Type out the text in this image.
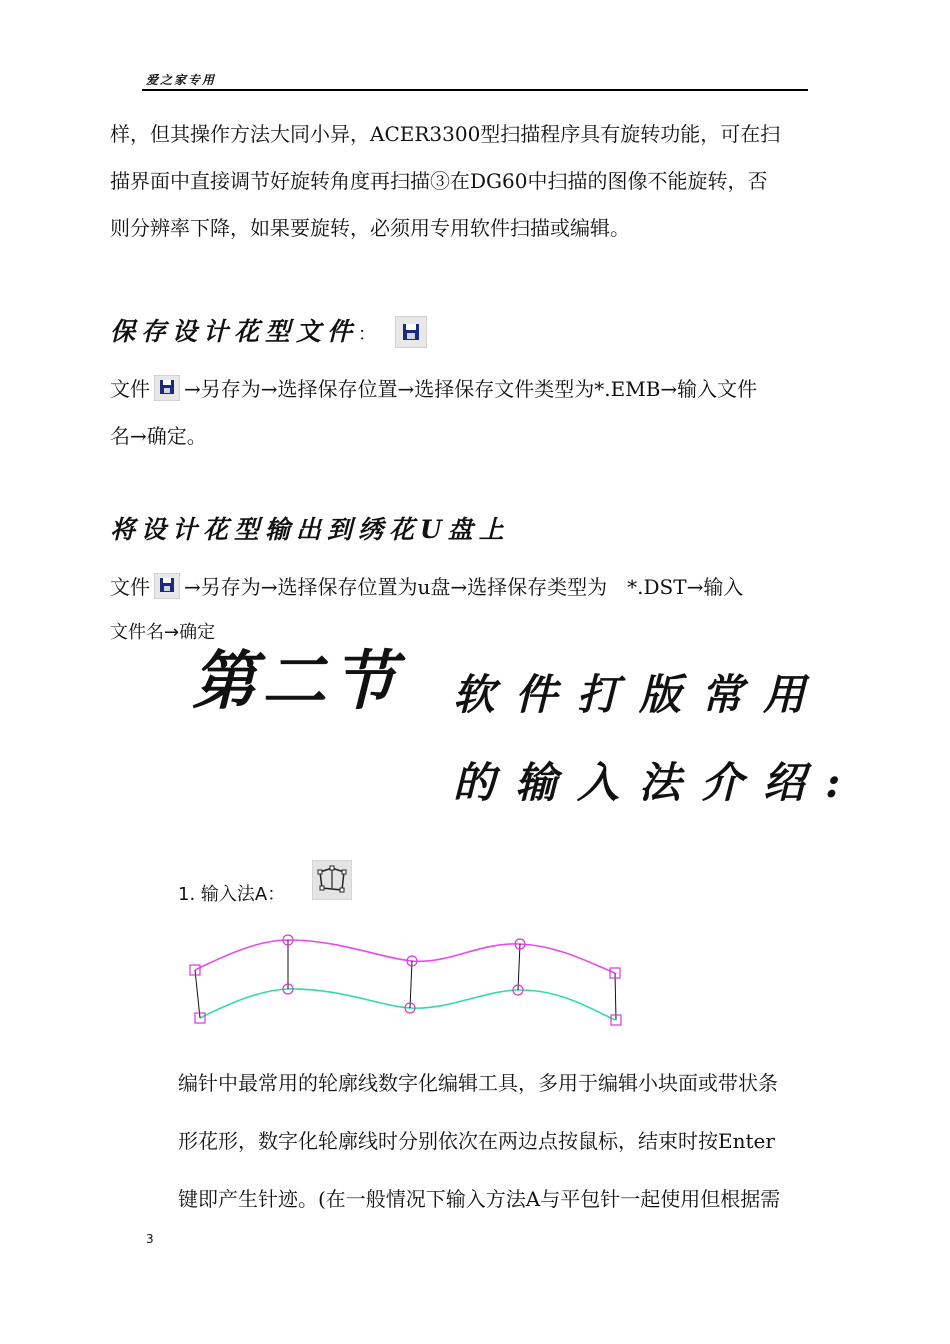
爱之家专用
样，但其操作方法大同小异，ACER3300型扫描程序具有旋转功能，可在扫
描界面中直接调节好旋转角度再扫描③在DG60中扫描的图像不能旋转，否
则分辨率下降，如果要旋转，必须用专用软件扫描或编辑。
保存设计花型文件：
文件 →另存为→选择保存位置→选择保存文件类型为*.EMB→输入文件
名→确定。
将设计花型输出到绣花U盘上
文件 →另存为→选择保存位置为u盘→选择保存类型为　*.DST→输入
文件名→确定
第二节 软件打版常用
的输入法介绍:
1. 输入法A：
编针中最常用的轮廓线数字化编辑工具，多用于编辑小块面或带状条
形花形，数字化轮廓线时分别依次在两边点按鼠标，结束时按Enter
键即产生针迹。(在一般情况下输入方法A与平包针一起使用但根据需
3
